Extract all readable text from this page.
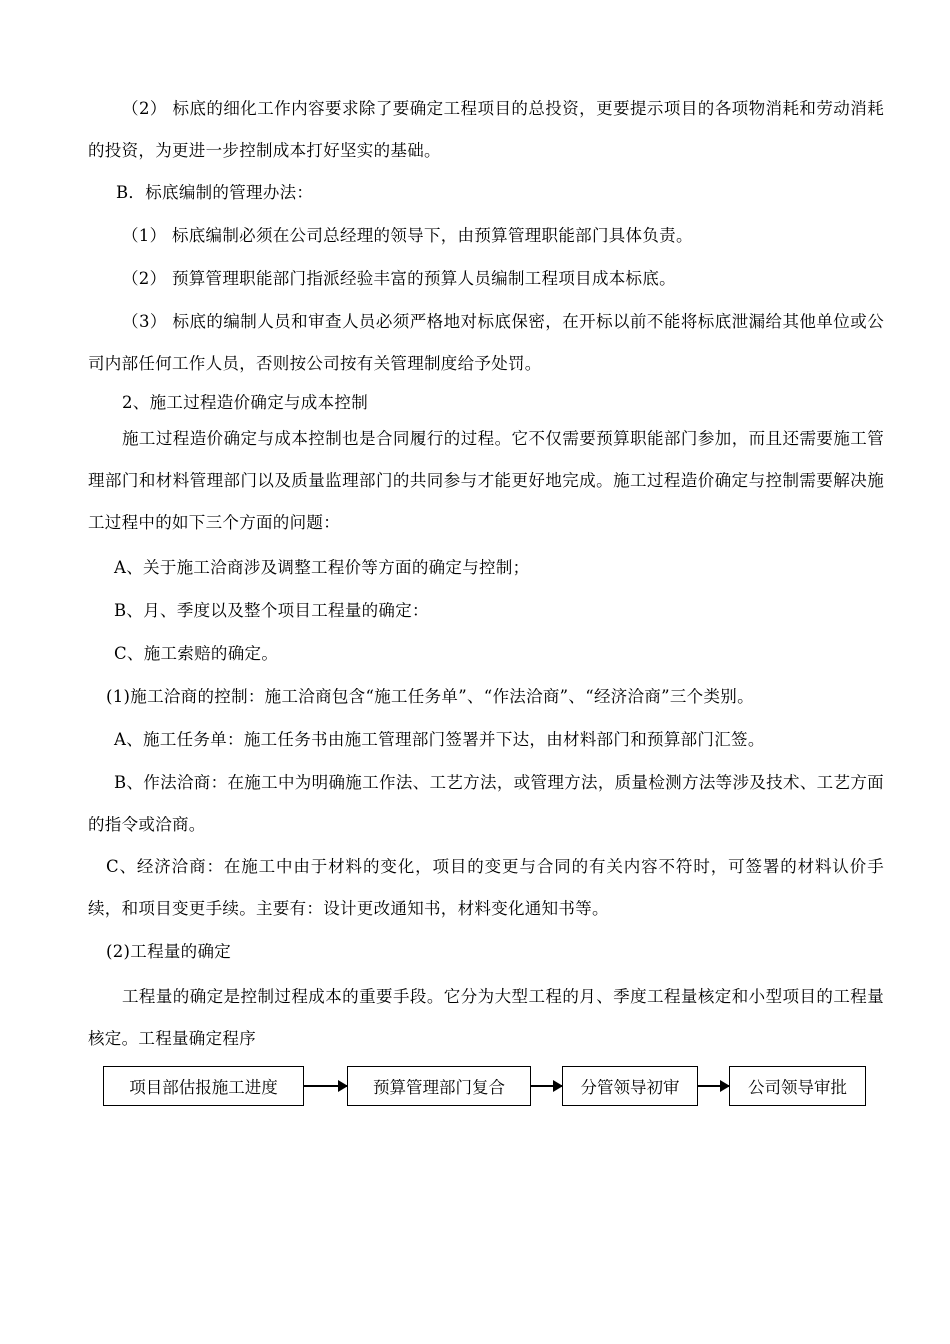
（2） 标底的细化工作内容要求除了要确定工程项目的总投资，更要提示项目的各项物消耗和劳动消耗的投资，为更进一步控制成本打好坚实的基础。
B．标底编制的管理办法：
（1） 标底编制必须在公司总经理的领导下，由预算管理职能部门具体负责。
（2） 预算管理职能部门指派经验丰富的预算人员编制工程项目成本标底。
（3） 标底的编制人员和审查人员必须严格地对标底保密，在开标以前不能将标底泄漏给其他单位或公司内部任何工作人员，否则按公司按有关管理制度给予处罚。
2、施工过程造价确定与成本控制
施工过程造价确定与成本控制也是合同履行的过程。它不仅需要预算职能部门参加，而且还需要施工管理部门和材料管理部门以及质量监理部门的共同参与才能更好地完成。施工过程造价确定与控制需要解决施工过程中的如下三个方面的问题：
A、关于施工洽商涉及调整工程价等方面的确定与控制；
B、月、季度以及整个项目工程量的确定：
C、施工索赔的确定。
(1)施工洽商的控制：施工洽商包含“施工任务单”、“作法洽商”、“经济洽商”三个类别。
A、施工任务单：施工任务书由施工管理部门签署并下达，由材料部门和预算部门汇签。
B、作法洽商：在施工中为明确施工作法、工艺方法，或管理方法，质量检测方法等涉及技术、工艺方面的指令或洽商。
C、经济洽商：在施工中由于材料的变化，项目的变更与合同的有关内容不符时，可签署的材料认价手续，和项目变更手续。主要有：设计更改通知书，材料变化通知书等。
(2)工程量的确定
工程量的确定是控制过程成本的重要手段。它分为大型工程的月、季度工程量核定和小型项目的工程量核定。工程量确定程序
项目部估报施工进度	预算管理部门复合	分管领导初审	公司领导审批
